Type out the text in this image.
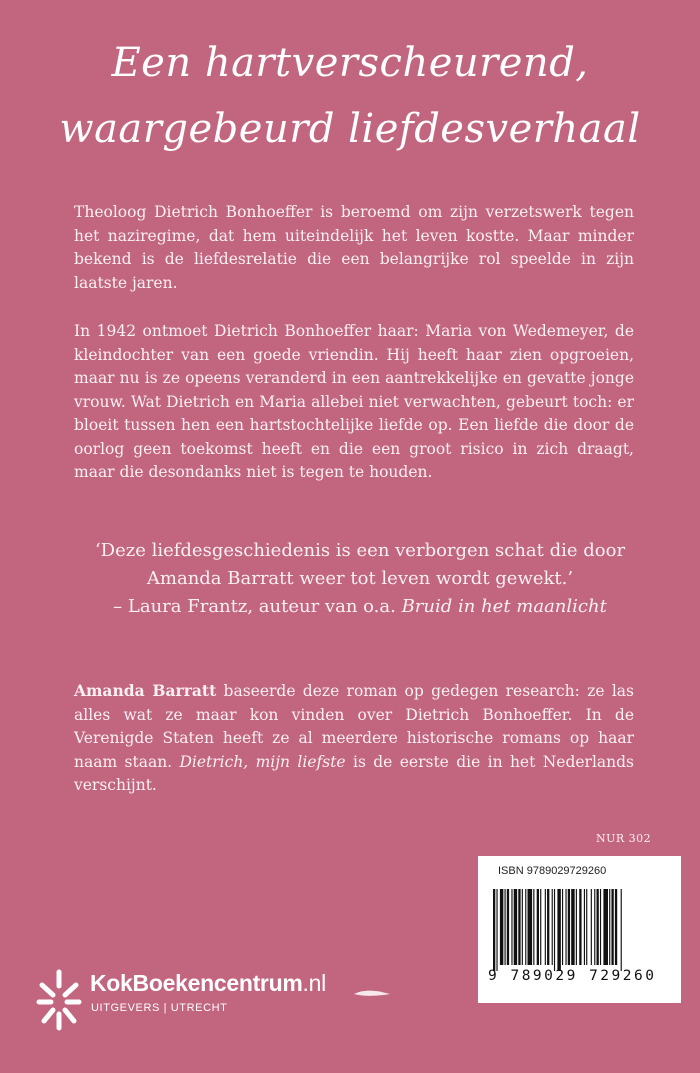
Een hartverscheurend,
waargebeurd liefdesverhaal
Theoloog Dietrich Bonhoeffer is beroemd om zijn verzetswerk tegen het naziregime, dat hem uiteindelijk het leven kostte. Maar minder bekend is de liefdesrelatie die een belangrijke rol speelde in zijn laatste jaren.
In 1942 ontmoet Dietrich Bonhoeffer haar: Maria von Wedemeyer, de kleindochter van een goede vriendin. Hij heeft haar zien opgroeien, maar nu is ze opeens veranderd in een aantrekkelijke en gevatte jonge vrouw. Wat Dietrich en Maria allebei niet verwachten, gebeurt toch: er bloeit tussen hen een hartstochtelijke liefde op. Een liefde die door de oorlog geen toekomst heeft en die een groot risico in zich draagt, maar die desondanks niet is tegen te houden.
‘Deze liefdesgeschiedenis is een verborgen schat die door
Amanda Barratt weer tot leven wordt gewekt.’
– Laura Frantz, auteur van o.a. Bruid in het maanlicht
Amanda Barratt baseerde deze roman op gedegen research: ze las alles wat ze maar kon vinden over Dietrich Bonhoeffer. In de Verenigde Staten heeft ze al meerdere historische romans op haar naam staan. Dietrich, mijn liefste is de eerste die in het Nederlands verschijnt.
NUR 302
ISBN 9789029729260
9 789029 729260
KokBoekencentrum.nl
UITGEVERS | UTRECHT
